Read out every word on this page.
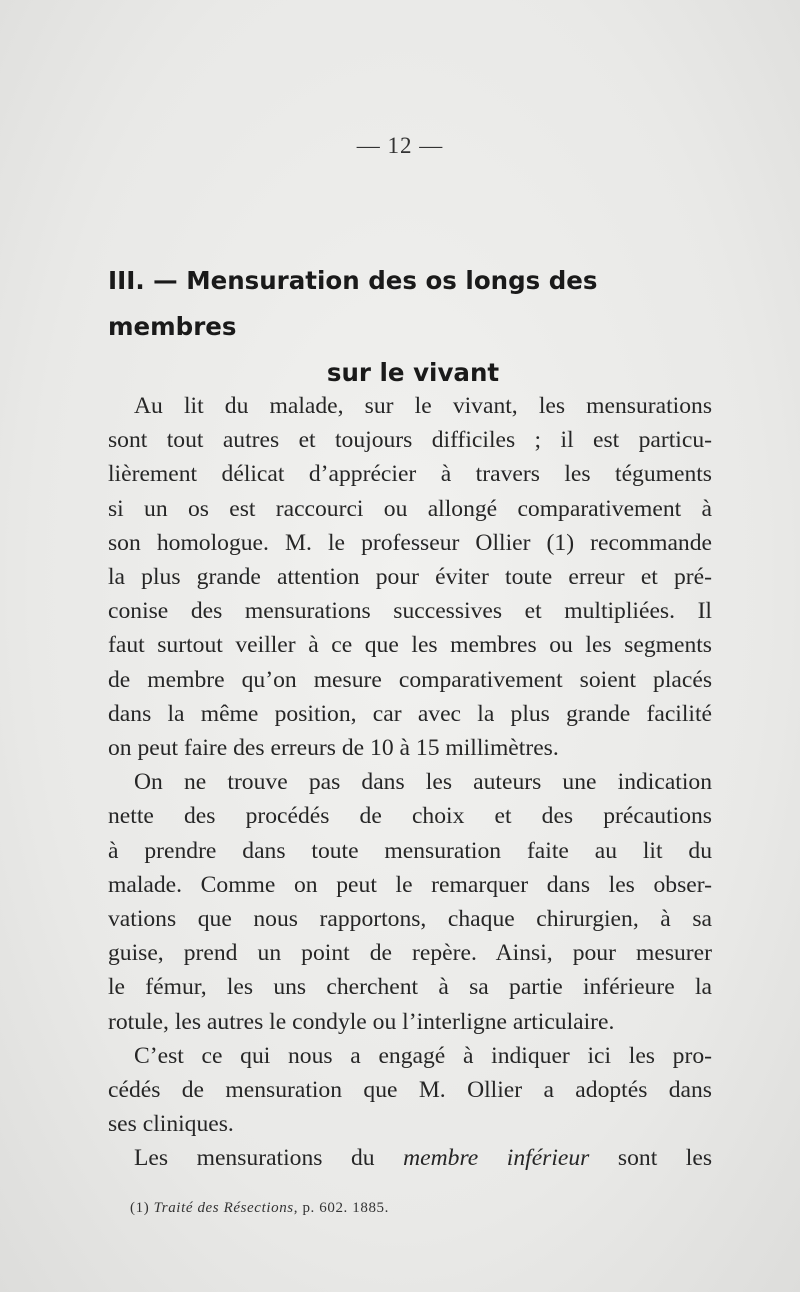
— 12 —
III. — Mensuration des os longs des membres
sur le vivant
Au lit du malade, sur le vivant, les mensurations
sont tout autres et toujours difficiles ; il est particu-
lièrement délicat d’apprécier à travers les téguments
si un os est raccourci ou allongé comparativement à
son homologue. M. le professeur Ollier (1) recommande
la plus grande attention pour éviter toute erreur et pré-
conise des mensurations successives et multipliées. Il
faut surtout veiller à ce que les membres ou les segments
de membre qu’on mesure comparativement soient placés
dans la même position, car avec la plus grande facilité
on peut faire des erreurs de 10 à 15 millimètres.
On ne trouve pas dans les auteurs une indication
nette des procédés de choix et des précautions
à prendre dans toute mensuration faite au lit du
malade. Comme on peut le remarquer dans les obser-
vations que nous rapportons, chaque chirurgien, à sa
guise, prend un point de repère. Ainsi, pour mesurer
le fémur, les uns cherchent à sa partie inférieure la
rotule, les autres le condyle ou l’interligne articulaire.
C’est ce qui nous a engagé à indiquer ici les pro-
cédés de mensuration que M. Ollier a adoptés dans
ses cliniques.
Les mensurations du membre inférieur sont les
(1) Traité des Résections, p. 602. 1885.
